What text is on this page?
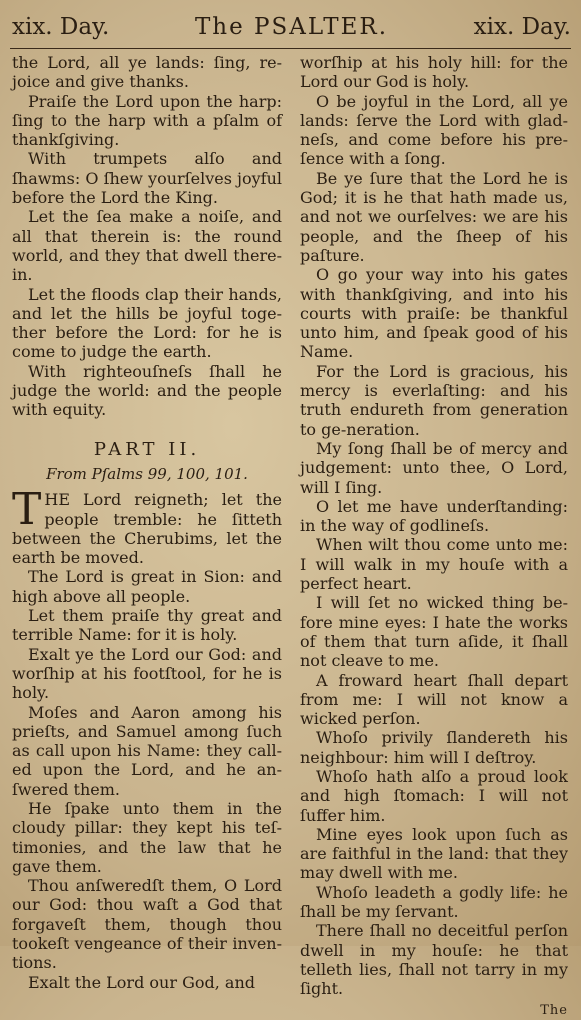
xix. Day.	The PSALTER.	xix. Day.

the Lord, all ye lands: ſing, re-joice and give thanks.

Praiſe the Lord upon the harp: ſing to the harp with a pſalm of thankſgiving.

With trumpets alſo and ſhawms: O ſhew yourſelves joyful before the Lord the King.

Let the ſea make a noiſe, and all that therein is: the round world, and they that dwell there-in.

Let the floods clap their hands, and let the hills be joyful toge-ther before the Lord: for he is come to judge the earth.

With righteouſneſs ſhall he judge the world: and the people with equity.

PART II.

From Pſalms 99, 100, 101.

THE Lord reigneth; let the people tremble: he ſitteth between the Cherubims, let the earth be moved.

The Lord is great in Sion: and high above all people.

Let them praiſe thy great and terrible Name: for it is holy.

Exalt ye the Lord our God: and worſhip at his footſtool, for he is holy.

Moſes and Aaron among his prieſts, and Samuel among ſuch as call upon his Name: they call-ed upon the Lord, and he an-ſwered them.

He ſpake unto them in the cloudy pillar: they kept his teſ-timonies, and the law that he gave them.

Thou anſweredſt them, O Lord our God: thou waſt a God that forgaveſt them, though thou tookeſt vengeance of their inven-tions.

Exalt the Lord our God, and

worſhip at his holy hill: for the Lord our God is holy.

O be joyful in the Lord, all ye lands: ſerve the Lord with glad-neſs, and come before his pre-ſence with a ſong.

Be ye ſure that the Lord he is God; it is he that hath made us, and not we ourſelves: we are his people, and the ſheep of his paſture.

O go your way into his gates with thankſgiving, and into his courts with praiſe: be thankful unto him, and ſpeak good of his Name.

For the Lord is gracious, his mercy is everlaſting: and his truth endureth from generation to ge-neration.

My ſong ſhall be of mercy and judgement: unto thee, O Lord, will I ſing.

O let me have underſtanding: in the way of godlineſs.

When wilt thou come unto me: I will walk in my houſe with a perfect heart.

I will ſet no wicked thing be-fore mine eyes: I hate the works of them that turn aſide, it ſhall not cleave to me.

A froward heart ſhall depart from me: I will not know a wicked perſon.

Whoſo privily ſlandereth his neighbour: him will I deſtroy.

Whoſo hath alſo a proud look and high ſtomach: I will not ſuffer him.

Mine eyes look upon ſuch as are faithful in the land: that they may dwell with me.

Whoſo leadeth a godly life: he ſhall be my ſervant.

There ſhall no deceitful perſon dwell in my houſe: he that telleth lies, ſhall not tarry in my ſight.

The
